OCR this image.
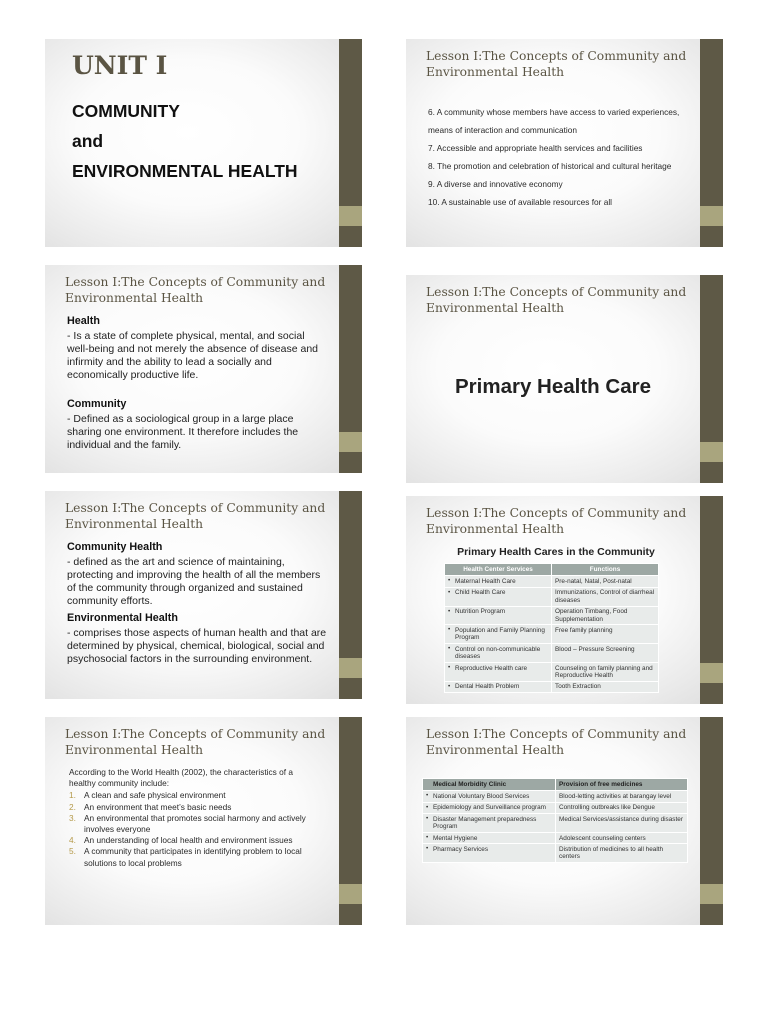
UNIT I
COMMUNITY
and
ENVIRONMENTAL HEALTH
Lesson I:The Concepts of Community and Environmental Health
6. A community whose members have access to varied experiences, means of interaction and communication
7. Accessible and appropriate health services and facilities
8. The promotion and celebration of historical and cultural heritage
9. A diverse and innovative economy
10. A sustainable use of available resources for all
Lesson I:The Concepts of Community and Environmental Health
Health
- Is a state of complete physical, mental, and social well-being and not merely the absence of disease and infirmity and the ability to lead a socially and economically productive life.
Community
- Defined as a sociological group in a large place sharing one environment. It therefore includes the individual and the family.
Lesson I:The Concepts of Community and Environmental Health
Primary Health Care
Lesson I:The Concepts of Community and Environmental Health
Community Health
- defined as the art and science of maintaining, protecting and improving the health of all the members of the community through organized and sustained community efforts.
Environmental Health
- comprises those aspects of human health and that are determined by physical, chemical, biological, social and psychosocial factors in the surrounding environment.
Lesson I:The Concepts of Community and Environmental Health
Primary Health Cares in the Community
Health Center Services	Functions
• Maternal Health Care	Pre-natal, Natal, Post-natal
• Child Health Care	Immunizations, Control of diarrheal diseases
• Nutrition Program	Operation Timbang, Food Supplementation
• Population and Family Planning Program	Free family planning
• Control on non-communicable diseases	Blood – Pressure Screening
• Reproductive Health care	Counseling on family planning and Reproductive Health
• Dental Health Problem	Tooth Extraction
Lesson I:The Concepts of Community and Environmental Health
According to the World Health (2002), the characteristics of a healthy community include:
1. A clean and safe physical environment
2. An environment that meet’s basic needs
3. An environmental that promotes social harmony and actively involves everyone
4. An understanding of local health and environment issues
5. A community that participates in identifying problem to local solutions to local problems
Lesson I:The Concepts of Community and Environmental Health
Medical Morbidity Clinic	Provision of free medicines
• National Voluntary Blood Services	Blood-letting activities at barangay level
• Epidemiology and Surveillance program	Controlling outbreaks like Dengue
• Disaster Management preparedness Program	Medical Services/assistance during disaster
• Mental Hygiene	Adolescent counseling centers
• Pharmacy Services	Distribution of medicines to all health centers
